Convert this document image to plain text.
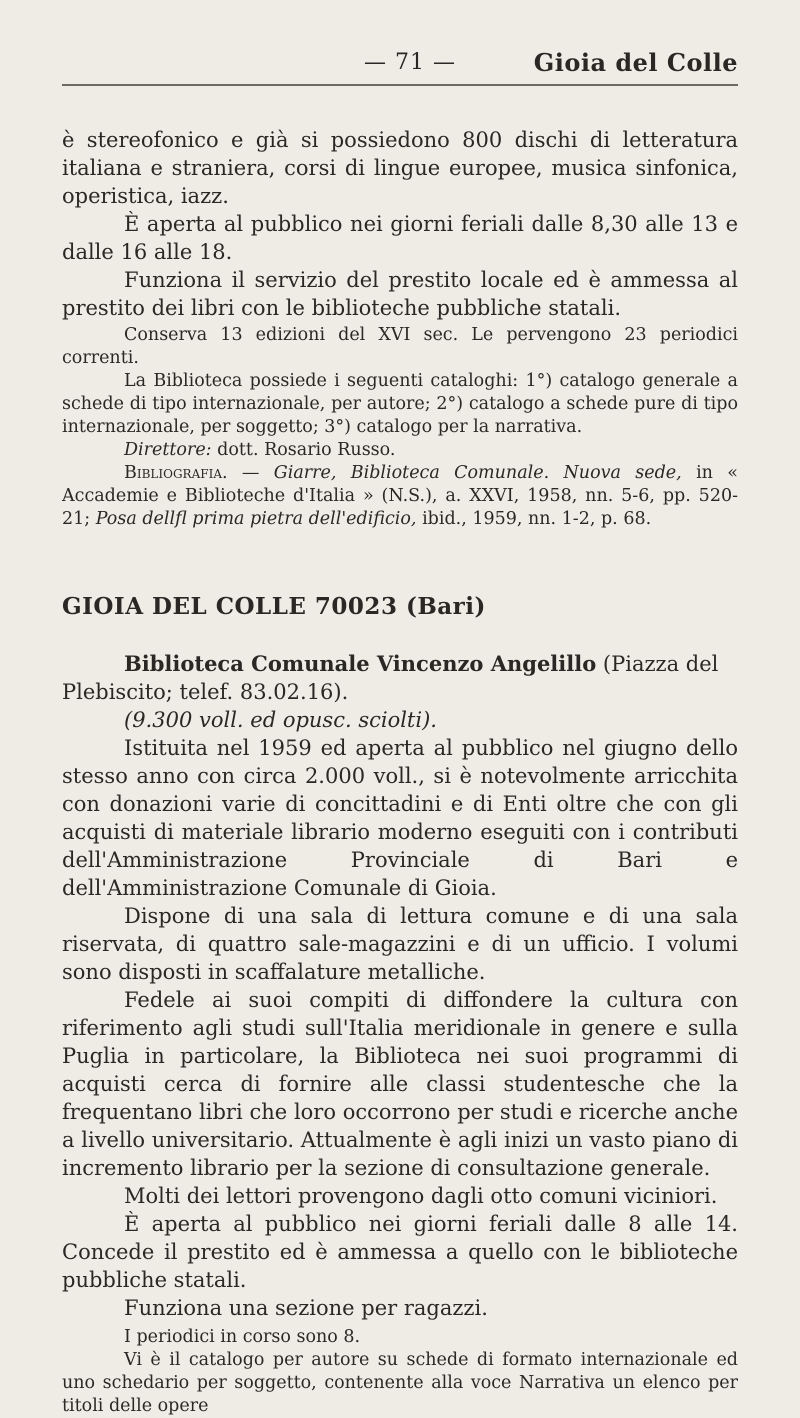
— 71 —	Gioia del Colle

è stereofonico e già si possiedono 800 dischi di letteratura italiana e straniera, corsi di lingue europee, musica sinfonica, operistica, iazz.

È aperta al pubblico nei giorni feriali dalle 8,30 alle 13 e dalle 16 alle 18.

Funziona il servizio del prestito locale ed è ammessa al prestito dei libri con le biblioteche pubbliche statali.

Conserva 13 edizioni del XVI sec. Le pervengono 23 periodici correnti.

La Biblioteca possiede i seguenti cataloghi: 1°) catalogo generale a schede di tipo internazionale, per autore; 2°) catalogo a schede pure di tipo internazionale, per soggetto; 3°) catalogo per la narrativa.

Direttore: dott. Rosario Russo.

Bibliografia. — Giarre, Biblioteca Comunale. Nuova sede, in « Accademie e Biblioteche d'Italia » (N.S.), a. XXVI, 1958, nn. 5-6, pp. 520-21; Posa dellfl prima pietra dell'edificio, ibid., 1959, nn. 1-2, p. 68.

GIOIA DEL COLLE 70023 (Bari)

Biblioteca Comunale Vincenzo Angelillo (Piazza del Plebiscito; telef. 83.02.16).

(9.300 voll. ed opusc. sciolti).

Istituita nel 1959 ed aperta al pubblico nel giugno dello stesso anno con circa 2.000 voll., si è notevolmente arricchita con donazioni varie di concittadini e di Enti oltre che con gli acquisti di materiale librario moderno eseguiti con i contributi dell'Amministrazione Provinciale di Bari e dell'Amministrazione Comunale di Gioia.

Dispone di una sala di lettura comune e di una sala riservata, di quattro sale-magazzini e di un ufficio. I volumi sono disposti in scaffalature metalliche.

Fedele ai suoi compiti di diffondere la cultura con riferimento agli studi sull'Italia meridionale in genere e sulla Puglia in particolare, la Biblioteca nei suoi programmi di acquisti cerca di fornire alle classi studentesche che la frequentano libri che loro occorrono per studi e ricerche anche a livello universitario. Attualmente è agli inizi un vasto piano di incremento librario per la sezione di consultazione generale.

Molti dei lettori provengono dagli otto comuni viciniori.

È aperta al pubblico nei giorni feriali dalle 8 alle 14. Concede il prestito ed è ammessa a quello con le biblioteche pubbliche statali.

Funziona una sezione per ragazzi.

I periodici in corso sono 8.

Vi è il catalogo per autore su schede di formato internazionale ed uno schedario per soggetto, contenente alla voce Narrativa un elenco per titoli delle opere
